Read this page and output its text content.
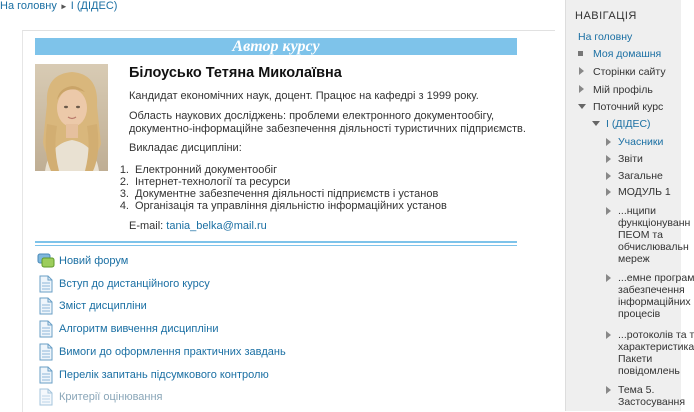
На головну ► І (ДІДЕС)
Автор курсу
Білоусько Тетяна Миколаївна
Кандидат економічних наук, доцент. Працює на кафедрі з 1999 року.
Область наукових досліджень: проблеми електронного документообігу,
документно-інформаційне забезпечення діяльності туристичних підприємств.
Викладає дисципліни:
1. Електронний документообіг
2. Інтернет-технології та ресурси
3. Документне забезпечення діяльності підприємств і установ
4. Організація та управління діяльністю інформаційних установ
E-mail: tania_belka@mail.ru
Новий форум
Вступ до дистанційного курсу
Зміст дисципліни
Алгоритм вивчення дисципліни
Вимоги до оформлення практичних завдань
Перелік запитань підсумкового контролю
Критерії оцінювання
НАВІГАЦІЯ
На головну
Моя домашня
Сторінки сайту
Мій профіль
Поточний курс
І (ДІДЕС)
Учасники
Звіти
Загальне
МОДУЛЬ 1
...нципи
функціонуванн
ПЕОМ та
обчислювальн
мереж
...емне програм
забезпечення
інформаційних
процесів
...ротоколів та т
характеристика
Пакети
повідомлень
Тема 5.
Застосування
